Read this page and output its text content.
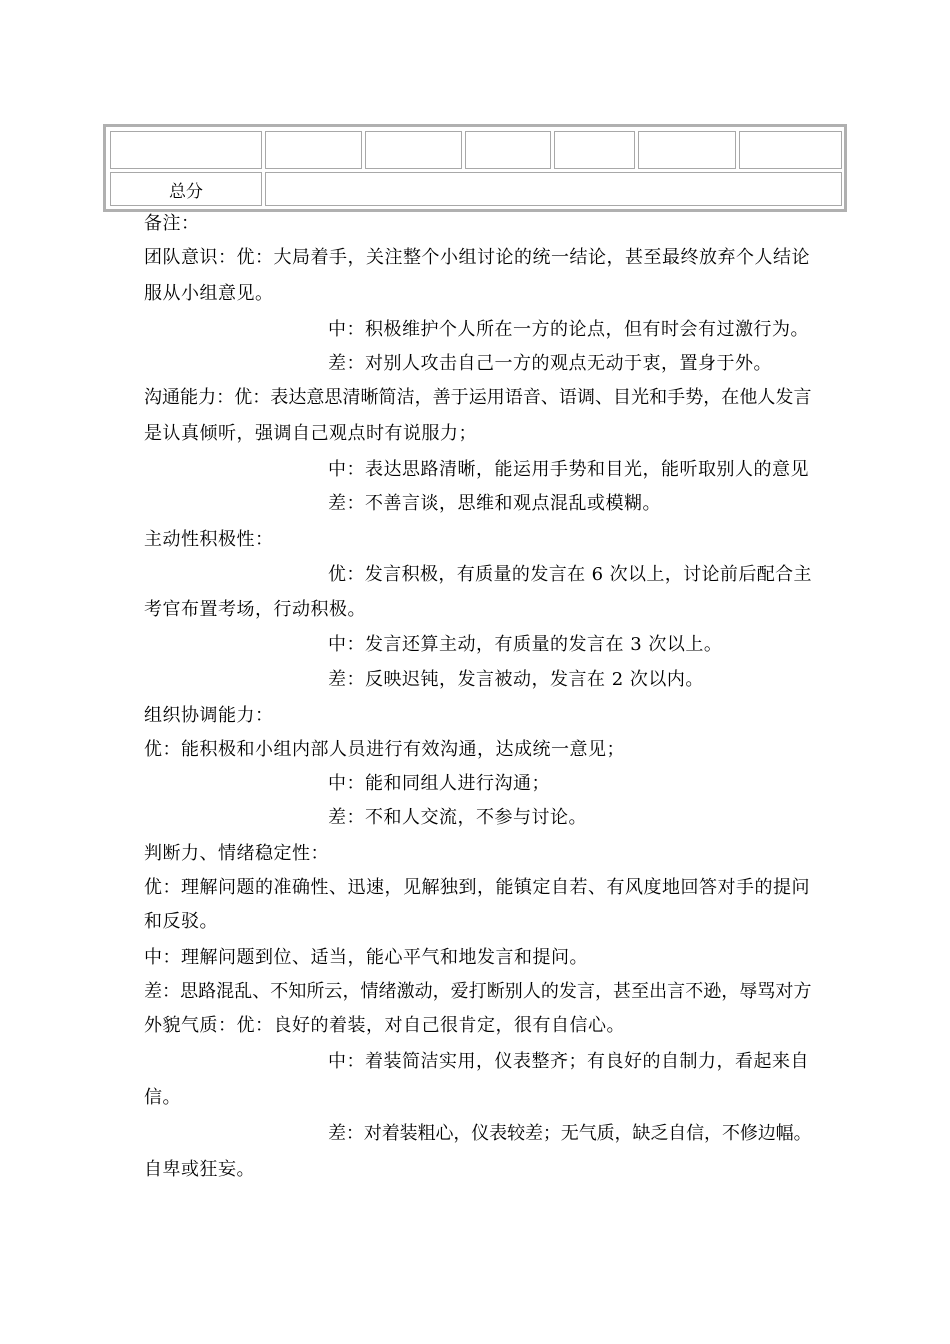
总分
备注：
团队意识：优：大局着手，关注整个小组讨论的统一结论，甚至最终放弃个人结论
服从小组意见。
中：积极维护个人所在一方的论点，但有时会有过激行为。
差：对别人攻击自己一方的观点无动于衷，置身于外。
沟通能力：优：表达意思清晰简洁，善于运用语音、语调、目光和手势，在他人发言
是认真倾听，强调自己观点时有说服力；
中：表达思路清晰，能运用手势和目光，能听取别人的意见
差：不善言谈，思维和观点混乱或模糊。
主动性积极性：
优：发言积极，有质量的发言在 6 次以上，讨论前后配合主
考官布置考场，行动积极。
中：发言还算主动，有质量的发言在 3 次以上。
差：反映迟钝，发言被动，发言在 2 次以内。
组织协调能力：
优：能积极和小组内部人员进行有效沟通，达成统一意见；
中：能和同组人进行沟通；
差：不和人交流，不参与讨论。
判断力、情绪稳定性：
优：理解问题的准确性、迅速，见解独到，能镇定自若、有风度地回答对手的提问
和反驳。
中：理解问题到位、适当，能心平气和地发言和提问。
差：思路混乱、不知所云，情绪激动，爱打断别人的发言，甚至出言不逊，辱骂对方
外貌气质：优：良好的着装，对自己很肯定，很有自信心。
中：着装简洁实用，仪表整齐；有良好的自制力，看起来自
信。
差：对着装粗心，仪表较差；无气质，缺乏自信，不修边幅。
自卑或狂妄。
